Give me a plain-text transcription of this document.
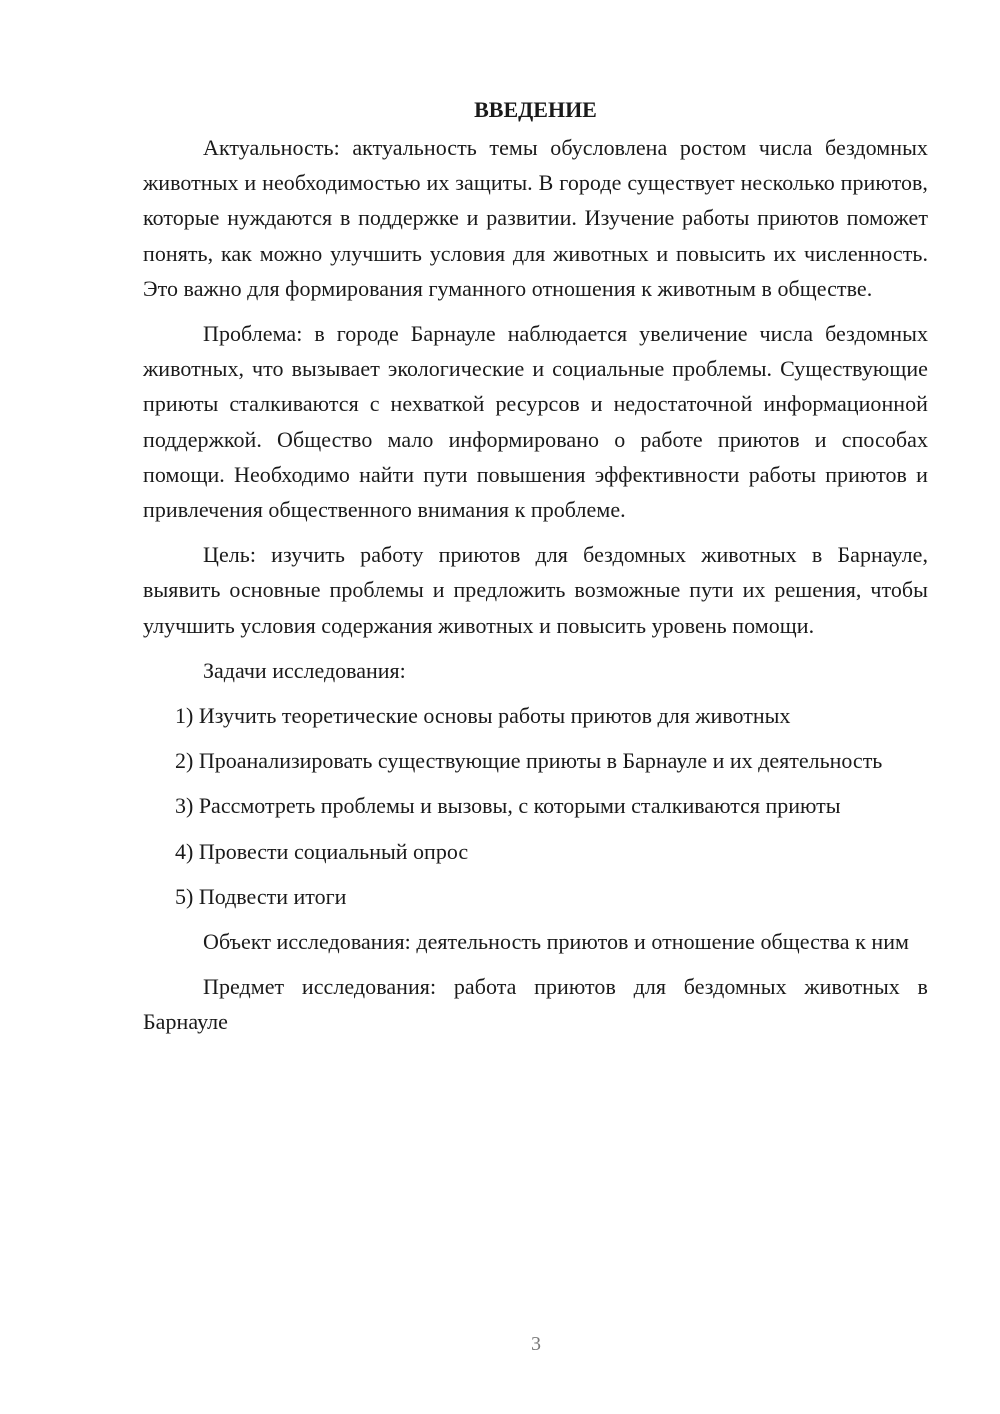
ВВЕДЕНИЕ

Актуальность: актуальность темы обусловлена ростом числа бездомных животных и необходимостью их защиты. В городе существует несколько приютов, которые нуждаются в поддержке и развитии. Изучение работы приютов поможет понять, как можно улучшить условия для животных и повысить их численность. Это важно для формирования гуманного отношения к животным в обществе.

Проблема: в городе Барнауле наблюдается увеличение числа бездомных животных, что вызывает экологические и социальные проблемы. Существующие приюты сталкиваются с нехваткой ресурсов и недостаточной информационной поддержкой. Общество мало информировано о работе приютов и способах помощи. Необходимо найти пути повышения эффективности работы приютов и привлечения общественного внимания к проблеме.

Цель: изучить работу приютов для бездомных животных в Барнауле, выявить основные проблемы и предложить возможные пути их решения, чтобы улучшить условия содержания животных и повысить уровень помощи.

Задачи исследования:

1) Изучить теоретические основы работы приютов для животных

2) Проанализировать существующие приюты в Барнауле и их деятельность

3) Рассмотреть проблемы и вызовы, с которыми сталкиваются приюты

4) Провести социальный опрос

5) Подвести итоги

Объект исследования: деятельность приютов и отношение общества к ним

Предмет исследования: работа приютов для бездомных животных в Барнауле

3
